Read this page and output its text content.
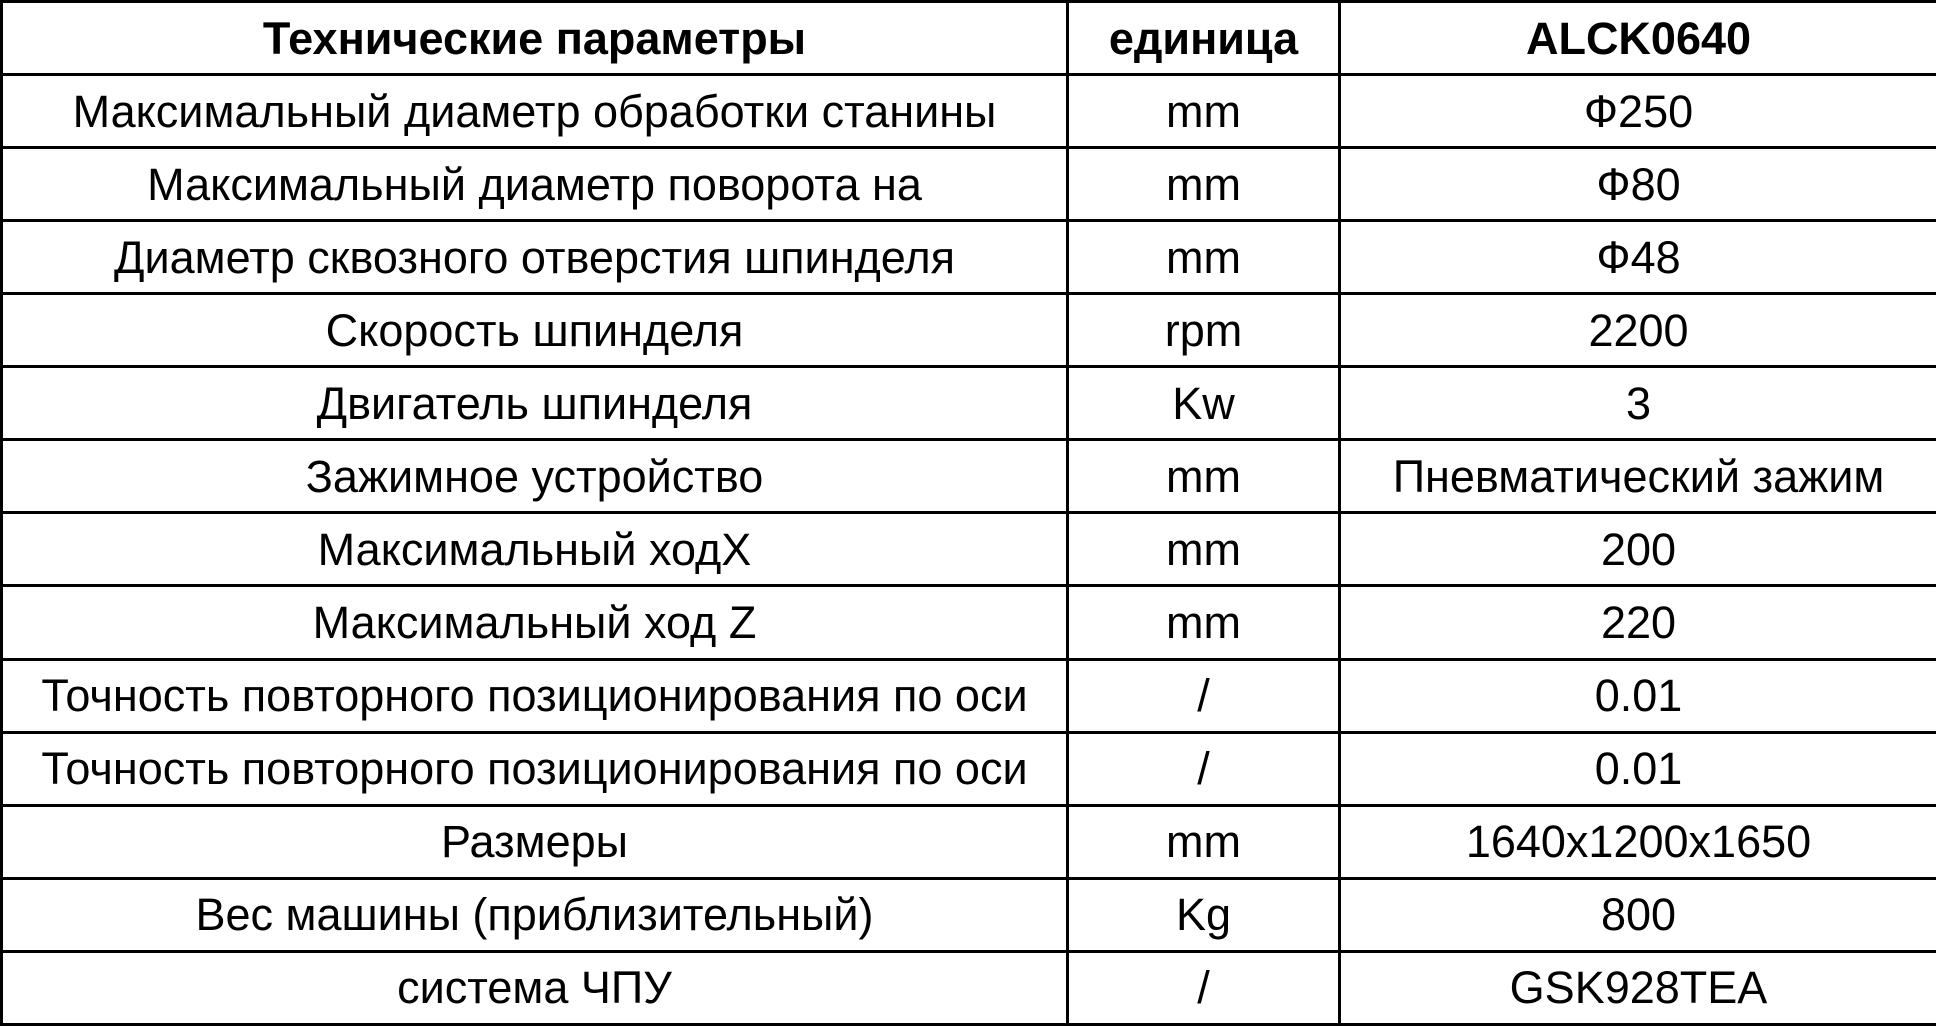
Технические параметры	единица	ALCK0640

Максимальный диаметр обработки станины	mm	Ф250

Максимальный диаметр поворота на	mm	Ф80

Диаметр сквозного отверстия шпинделя	mm	Ф48

Скорость шпинделя	rpm	2200

Двигатель шпинделя	Kw	3

Зажимное устройство	mm	Пневматический зажим

Максимальный ходX	mm	200

Максимальный ход Z	mm	220

Точность повторного позиционирования по оси	/	0.01

Точность повторного позиционирования по оси	/	0.01

Размеры	mm	1640x1200x1650

Вес машины (приблизительный)	Kg	800

система ЧПУ	/	GSK928TEA
